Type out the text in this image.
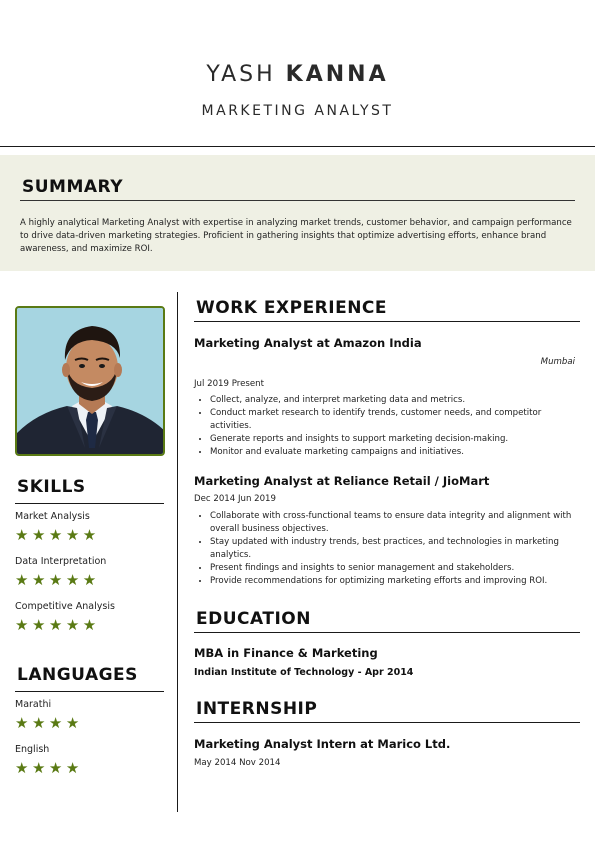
YASH KANNA
MARKETING ANALYST
SUMMARY

A highly analytical Marketing Analyst with expertise in analyzing market trends, customer behavior, and campaign performance to drive data-driven marketing strategies. Proficient in gathering insights that optimize advertising efforts, enhance brand awareness, and maximize ROI.

SKILLS
Market Analysis
★★★★★
Data Interpretation
★★★★★
Competitive Analysis
★★★★★
LANGUAGES
Marathi
★★★★
English
★★★★
WORK EXPERIENCE
Marketing Analyst at Amazon India
Mumbai
Jul 2019 Present
• Collect, analyze, and interpret marketing data and metrics.
• Conduct market research to identify trends, customer needs, and competitor activities.
• Generate reports and insights to support marketing decision-making.
• Monitor and evaluate marketing campaigns and initiatives.
Marketing Analyst at Reliance Retail / JioMart
Dec 2014 Jun 2019
• Collaborate with cross-functional teams to ensure data integrity and alignment with overall business objectives.
• Stay updated with industry trends, best practices, and technologies in marketing analytics.
• Present findings and insights to senior management and stakeholders.
• Provide recommendations for optimizing marketing efforts and improving ROI.
EDUCATION
MBA in Finance & Marketing
Indian Institute of Technology - Apr 2014
INTERNSHIP
Marketing Analyst Intern at Marico Ltd.
May 2014 Nov 2014
